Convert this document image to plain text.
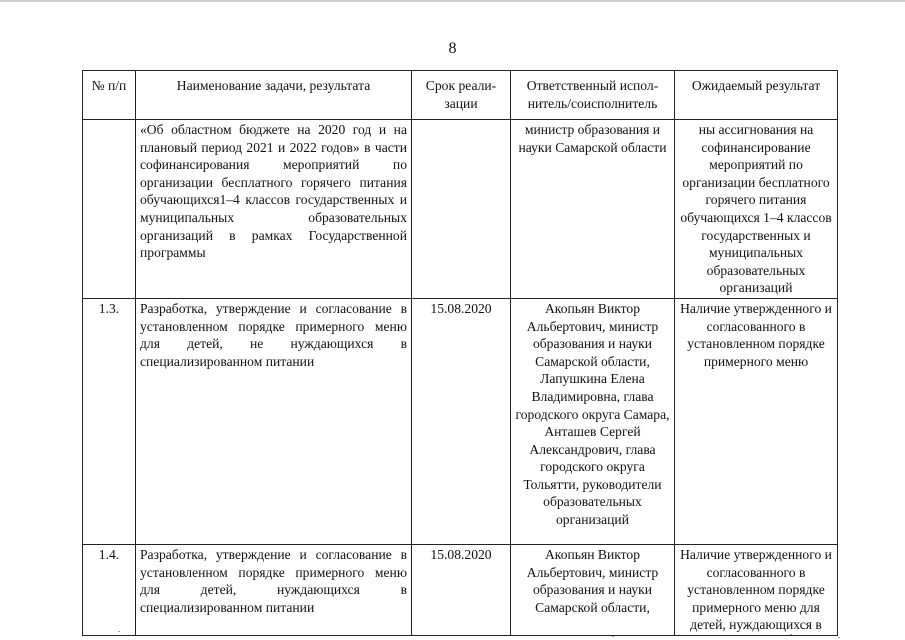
8
№ п/п	Наименование задачи, результата	Срок реали-зации	Ответственный испол-нитель/соисполнитель	Ожидаемый результат
	«Об областном бюджете на 2020 год и на плановый период 2021 и 2022 годов» в части софинансирования мероприятий по организации бесплатного горячего питания обучающихся1–4 классов государственных и муниципальных образовательных организаций в рамках Государственной программы		министр образования и науки Самарской области	ны ассигнования на софинансирование мероприятий по организации бесплатного горячего питания обучающихся 1–4 классов государственных и муниципальных образовательных организаций
1.3.	Разработка, утверждение и согласование в установленном порядке примерного меню для детей, не нуждающихся в специализированном питании	15.08.2020	Акопьян Виктор Альбертович, министр образования и науки Самарской области, Лапушкина Елена Владимировна, глава городского округа Самара, Анташев Сергей Александрович, глава городского округа Тольятти, руководители образовательных организаций	Наличие утвержденного и согласованного в установленном порядке примерного меню
1.4.	Разработка, утверждение и согласование в установленном порядке примерного меню для детей, нуждающихся в специализированном питании	15.08.2020	Акопьян Виктор Альбертович, министр образования и науки Самарской области,	Наличие утвержденного и согласованного в установленном порядке примерного меню для детей, нуждающихся в
